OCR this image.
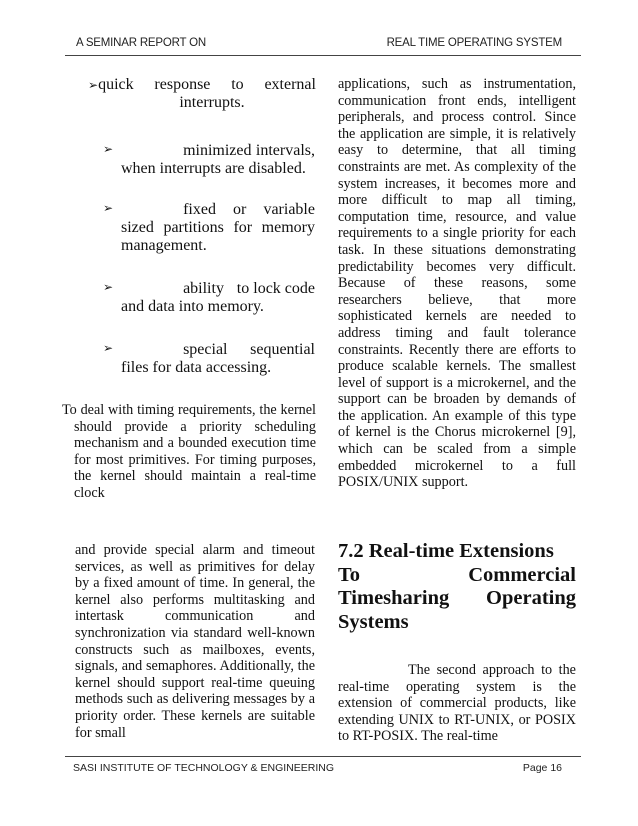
A SEMINAR REPORT ON	REAL TIME OPERATING SYSTEM
➢quick response to external
interrupts.
➢	minimized intervals,
when interrupts are disabled.
➢	fixed or variable
sized partitions for memory management.
➢	ability to lock code
and data into memory.
➢	special sequential
files for data accessing.

To deal with timing requirements, the kernel should provide a priority scheduling mechanism and a bounded execution time for most primitives. For timing purposes, the kernel should maintain a real-time clock

and provide special alarm and timeout services, as well as primitives for delay by a fixed amount of time. In general, the kernel also performs multitasking and intertask communication and synchronization via standard well-known constructs such as mailboxes, events, signals, and semaphores. Additionally, the kernel should support real-time queuing methods such as delivering messages by a priority order. These kernels are suitable for small

applications, such as instrumentation, communication front ends, intelligent peripherals, and process control. Since the application are simple, it is relatively easy to determine, that all timing constraints are met. As complexity of the system increases, it becomes more and more difficult to map all timing, computation time, resource, and value requirements to a single priority for each task. In these situations demonstrating predictability becomes very difficult. Because of these reasons, some researchers believe, that more sophisticated kernels are needed to address timing and fault tolerance constraints. Recently there are efforts to produce scalable kernels. The smallest level of support is a microkernel, and the support can be broaden by demands of the application. An example of this type of kernel is the Chorus microkernel [9], which can be scaled from a simple embedded microkernel to a full POSIX/UNIX support.

7.2 Real-time Extensions
To	Commercial
Timesharing Operating
Systems

The second approach to the real-time operating system is the extension of commercial products, like extending UNIX to RT-UNIX, or POSIX to RT-POSIX. The real-time

SASI INSTITUTE OF TECHNOLOGY & ENGINEERING	Page 16
